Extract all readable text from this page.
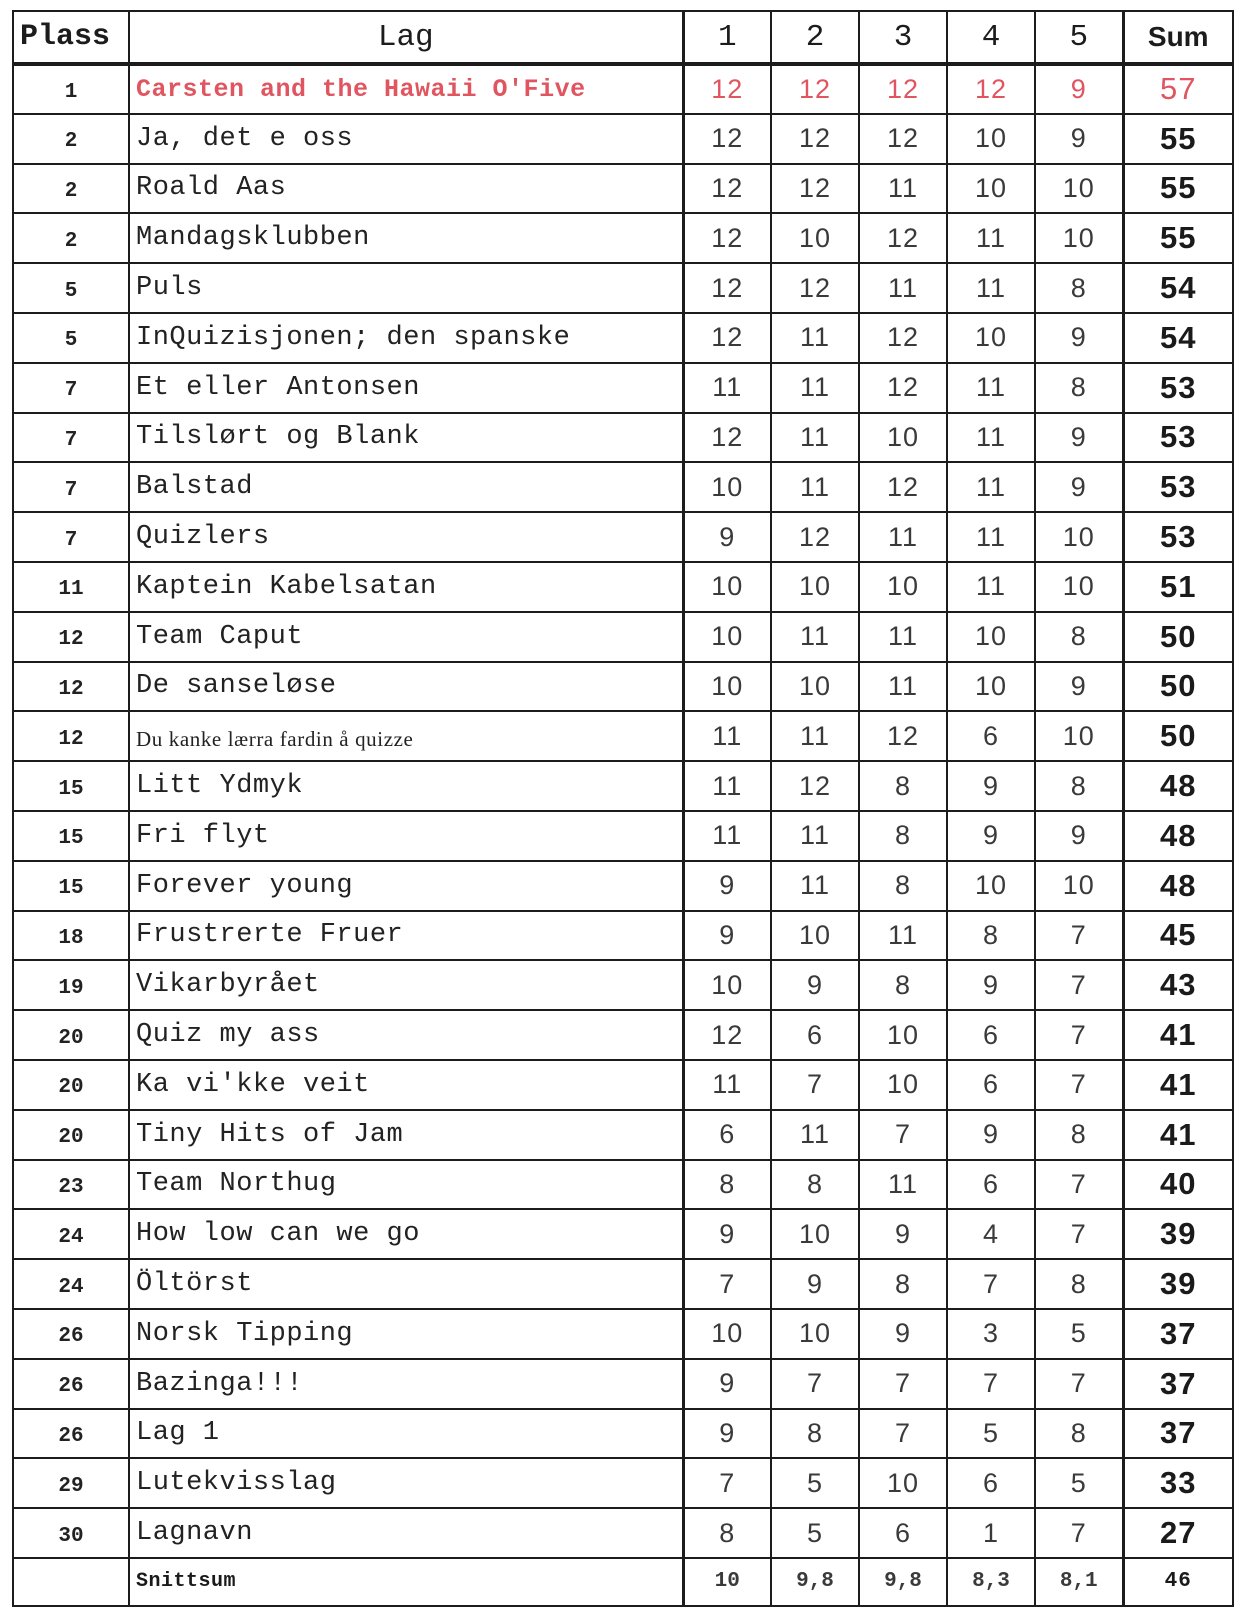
Plass	Lag	1	2	3	4	5	Sum
1	Carsten and the Hawaii O'Five	12	12	12	12	9	57
2	Ja, det e oss	12	12	12	10	9	55
2	Roald Aas	12	12	11	10	10	55
2	Mandagsklubben	12	10	12	11	10	55
5	Puls	12	12	11	11	8	54
5	InQuizisjonen; den spanske	12	11	12	10	9	54
7	Et eller Antonsen	11	11	12	11	8	53
7	Tilslørt og Blank	12	11	10	11	9	53
7	Balstad	10	11	12	11	9	53
7	Quizlers	9	12	11	11	10	53
11	Kaptein Kabelsatan	10	10	10	11	10	51
12	Team Caput	10	11	11	10	8	50
12	De sanseløse	10	10	11	10	9	50
12	Du kanke lærra fardin å quizze	11	11	12	6	10	50
15	Litt Ydmyk	11	12	8	9	8	48
15	Fri flyt	11	11	8	9	9	48
15	Forever young	9	11	8	10	10	48
18	Frustrerte Fruer	9	10	11	8	7	45
19	Vikarbyrået	10	9	8	9	7	43
20	Quiz my ass	12	6	10	6	7	41
20	Ka vi'kke veit	11	7	10	6	7	41
20	Tiny Hits of Jam	6	11	7	9	8	41
23	Team Northug	8	8	11	6	7	40
24	How low can we go	9	10	9	4	7	39
24	Öltörst	7	9	8	7	8	39
26	Norsk Tipping	10	10	9	3	5	37
26	Bazinga!!!	9	7	7	7	7	37
26	Lag 1	9	8	7	5	8	37
29	Lutekvisslag	7	5	10	6	5	33
30	Lagnavn	8	5	6	1	7	27
	Snittsum	10	9,8	9,8	8,3	8,1	46
